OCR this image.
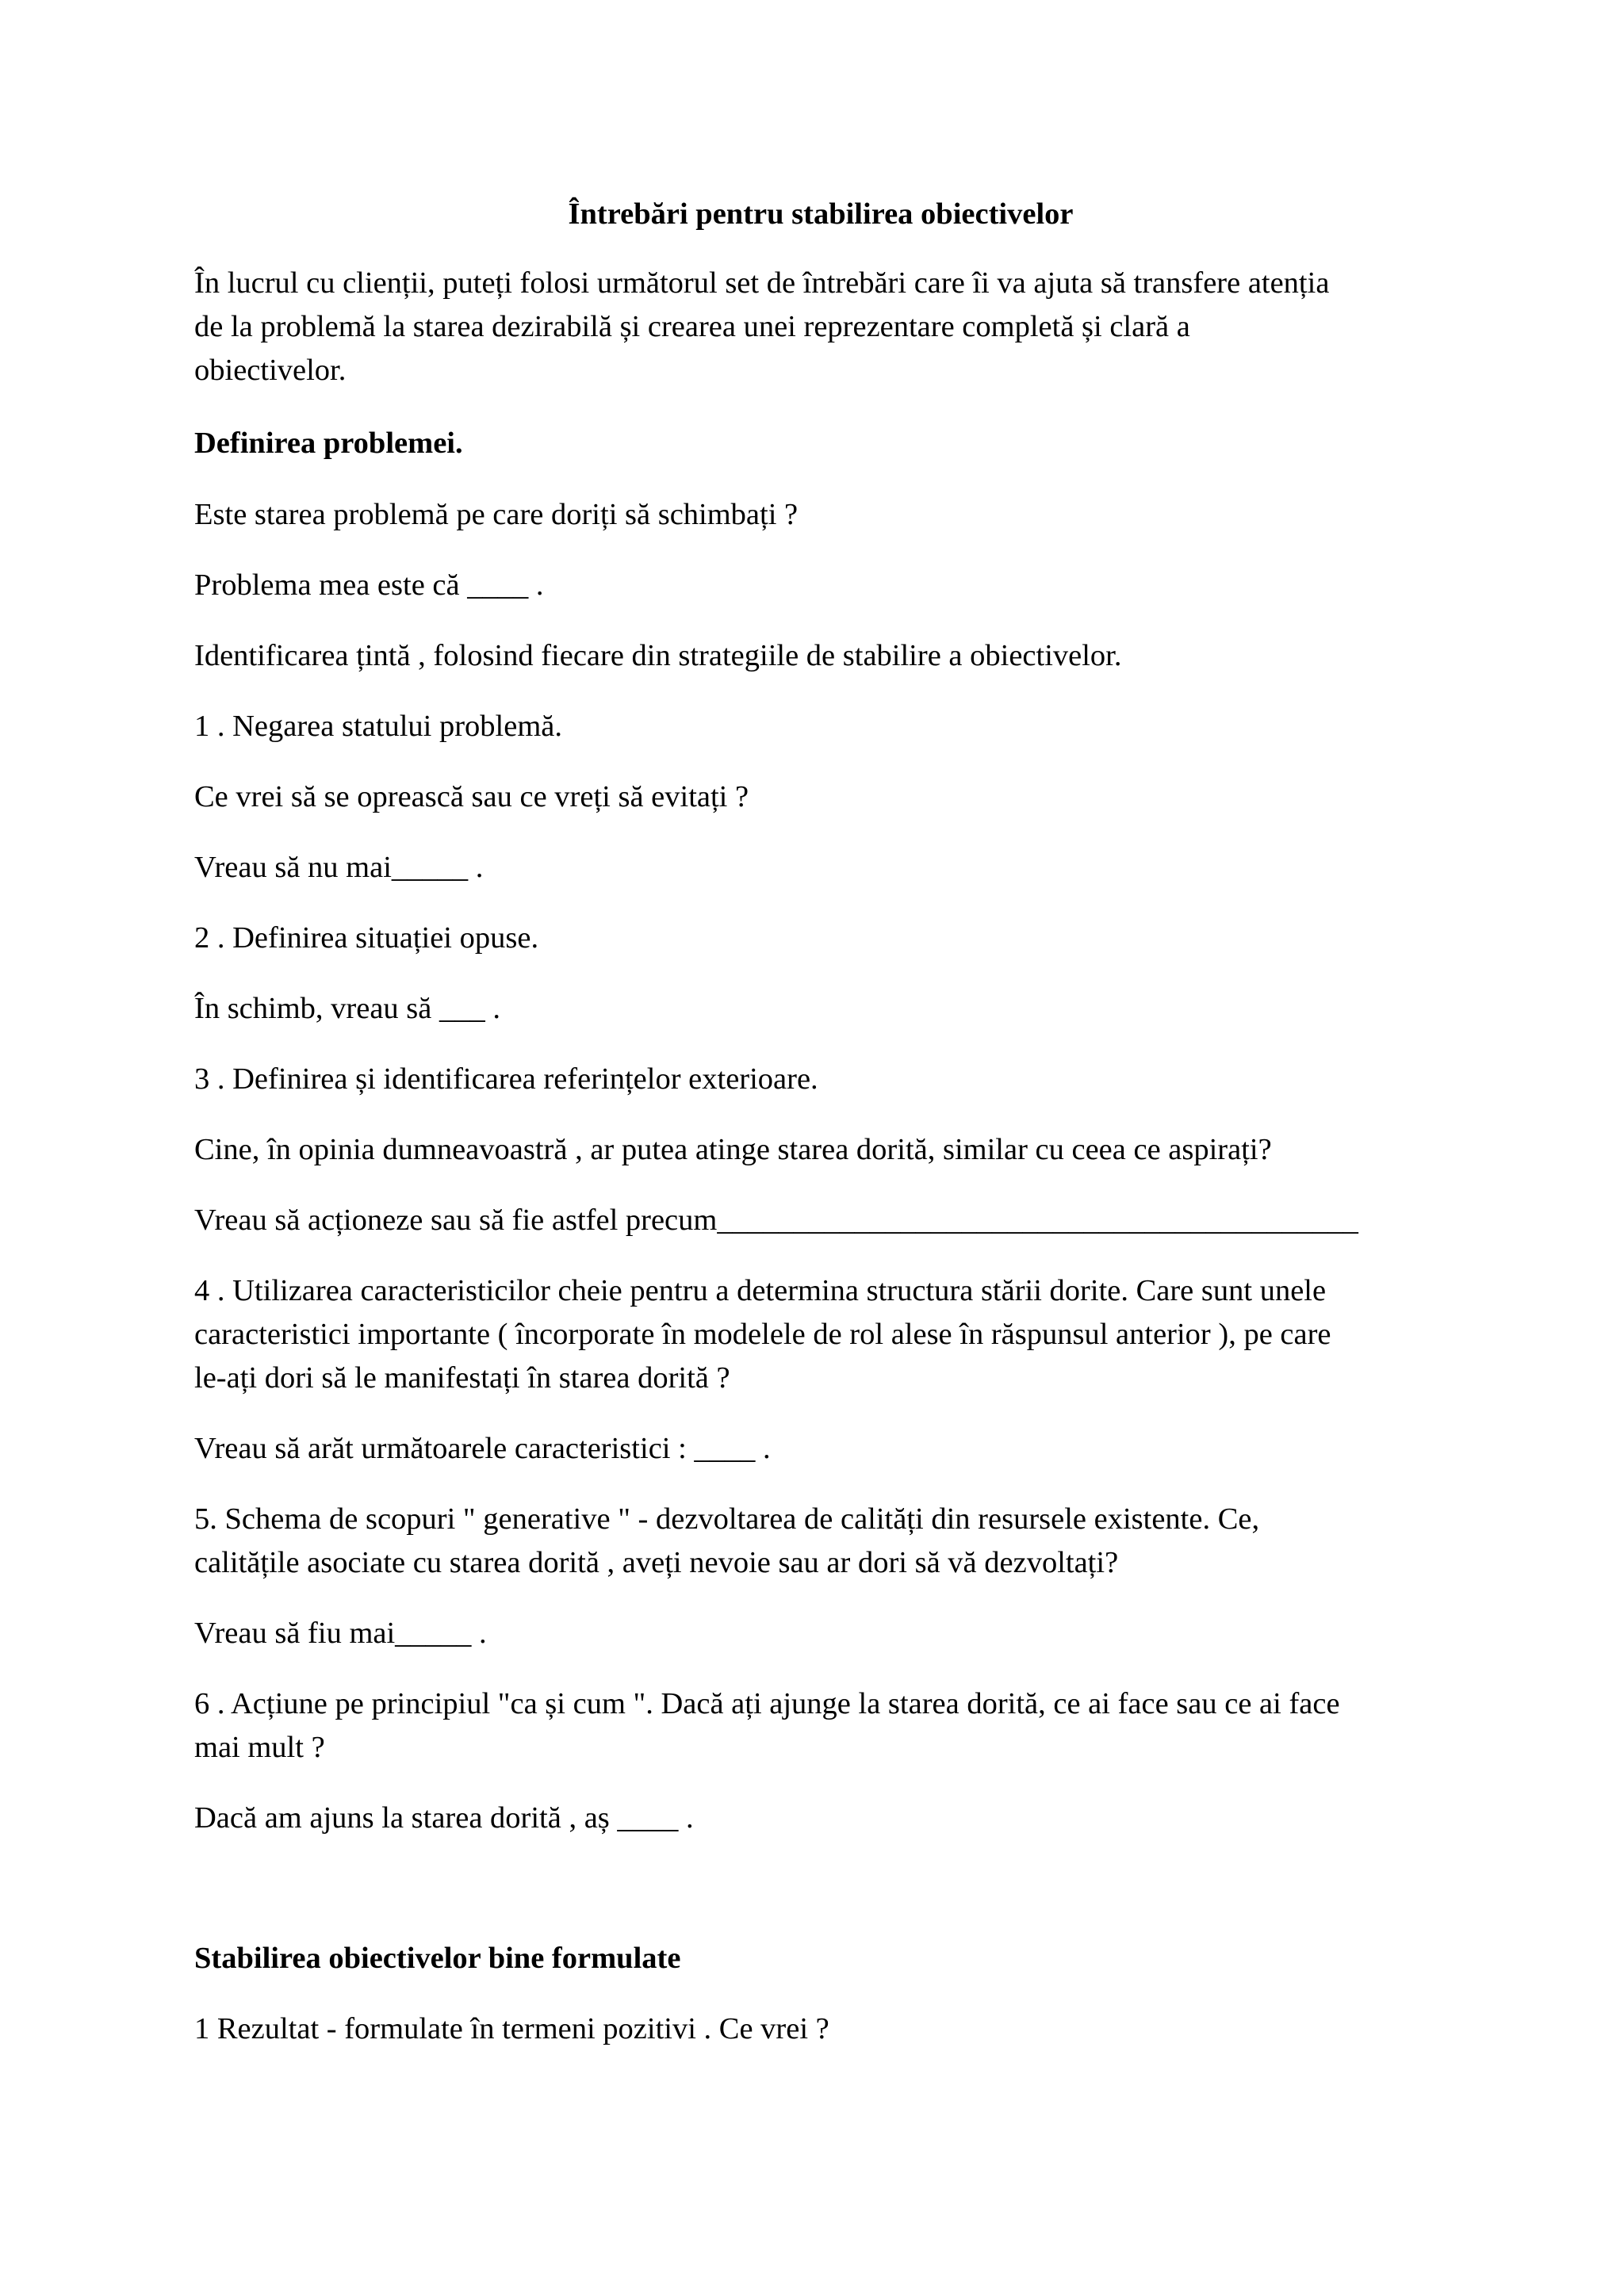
Întrebări pentru stabilirea obiectivelor
În lucrul cu clienții, puteți folosi următorul set de întrebări care îi va ajuta să transfere atenția
de la problemă la starea dezirabilă și crearea unei reprezentare completă și clară a
obiectivelor.
Definirea problemei.
Este starea problemă pe care doriți să schimbați ?
Problema mea este că ____ .
Identificarea țintă , folosind fiecare din strategiile de stabilire a obiectivelor.
1 . Negarea statului problemă.
Ce vrei să se oprească sau ce vreți să evitați ?
Vreau să nu mai_____ .
2 . Definirea situației opuse.
În schimb, vreau să ___ .
3 . Definirea și identificarea referințelor exterioare.
Cine, în opinia dumneavoastră , ar putea atinge starea dorită, similar cu ceea ce aspirați?
Vreau să acționeze sau să fie astfel precum__________________________________________
4 . Utilizarea caracteristicilor cheie pentru a determina structura stării dorite. Care sunt unele
caracteristici importante ( încorporate în modelele de rol alese în răspunsul anterior ), pe care
le-ați dori să le manifestați în starea dorită ?
Vreau să arăt următoarele caracteristici : ____ .
5. Schema de scopuri " generative " - dezvoltarea de calități din resursele existente. Ce,
calitățile asociate cu starea dorită , aveți nevoie sau ar dori să vă dezvoltați?
Vreau să fiu mai_____ .
6 . Acțiune pe principiul "ca și cum ". Dacă ați ajunge la starea dorită, ce ai face sau ce ai face
mai mult ?
Dacă am ajuns la starea dorită , aș ____ .
Stabilirea obiectivelor bine formulate
1 Rezultat - formulate în termeni pozitivi . Ce vrei ?
